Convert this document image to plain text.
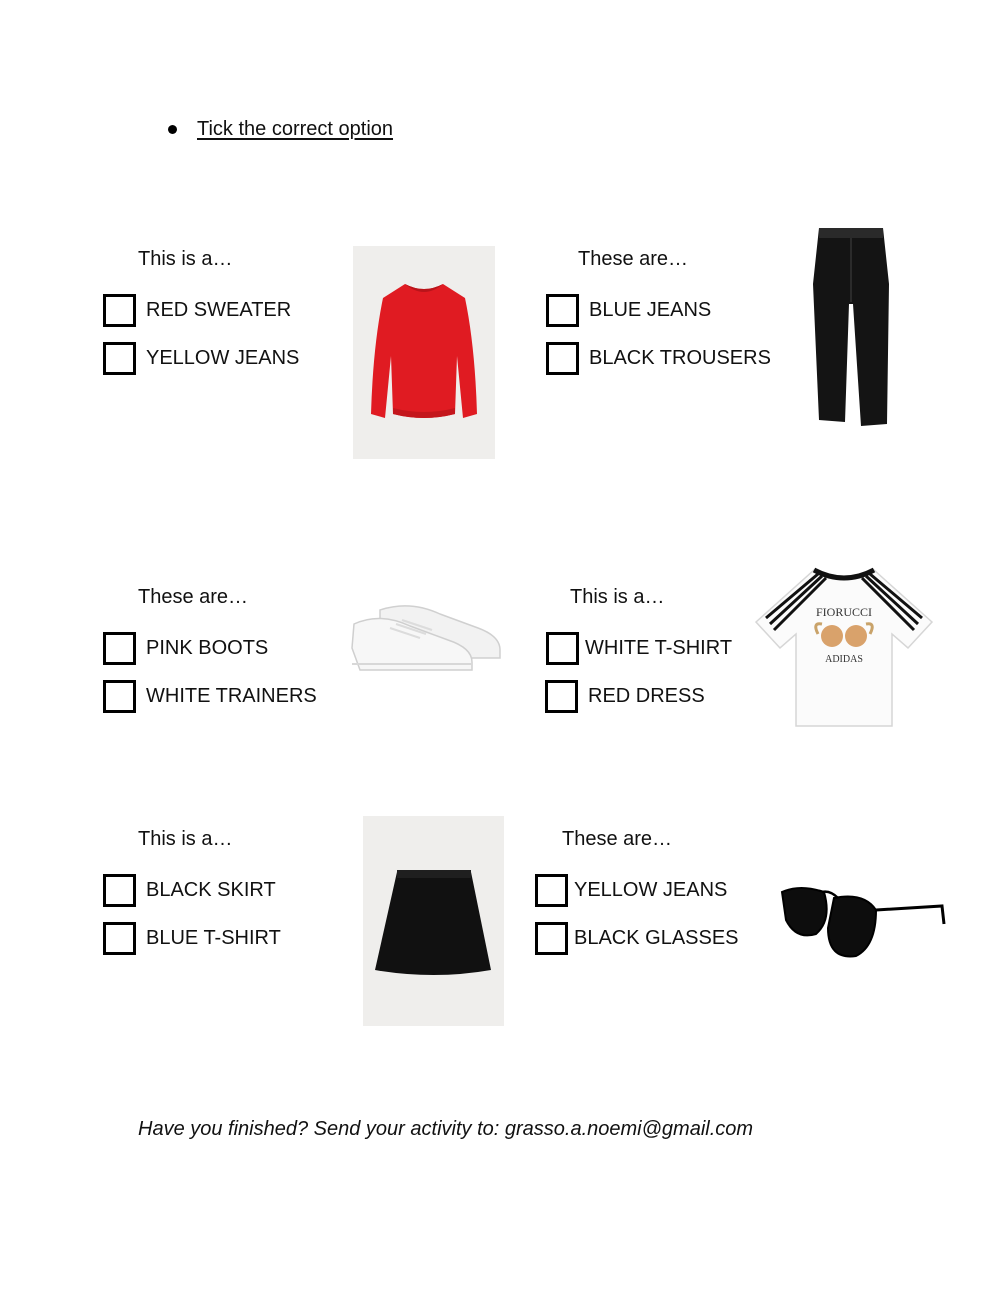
Tick the correct option
This is a…
RED SWEATER
YELLOW JEANS
These are…
BLUE JEANS
BLACK TROUSERS
These are…
PINK BOOTS
WHITE TRAINERS
This is a…
WHITE T-SHIRT
RED DRESS
FIORUCCI
ADIDAS
This is a…
BLACK SKIRT
BLUE T-SHIRT
These are…
YELLOW JEANS
BLACK GLASSES
Have you finished? Send your activity to: grasso.a.noemi@gmail.com
